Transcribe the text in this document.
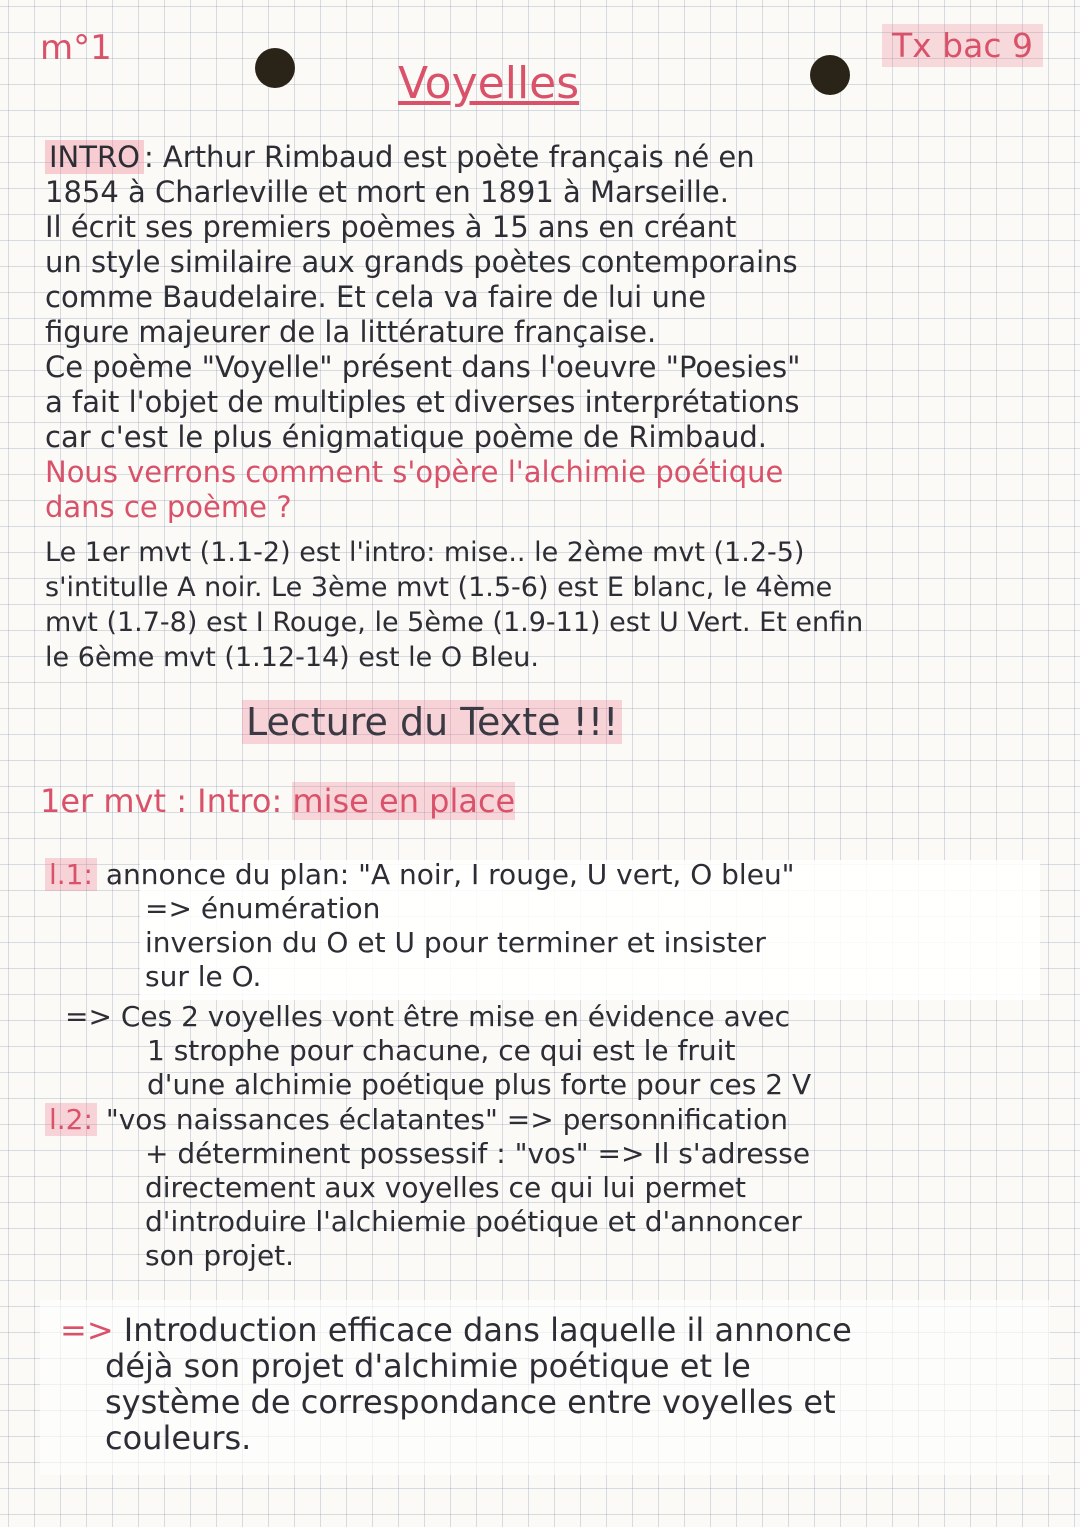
m°1	Tx bac 9
Voyelles
INTRO : Arthur Rimbaud est poète français né en
1854 à Charleville et mort en 1891 à Marseille.
Il écrit ses premiers poèmes à 15 ans en créant
un style similaire aux grands poètes contemporains
comme Baudelaire. Et cela va faire de lui une
figure majeurer de la littérature française.
Ce poème "Voyelle" présent dans l'oeuvre "Poesies"
a fait l'objet de multiples et diverses interprétations
car c'est le plus énigmatique poème de Rimbaud.
Nous verrons comment s'opère l'alchimie poétique
dans ce poème ?
Le 1er mvt (1.1-2) est l'intro: mise.. le 2ème mvt (1.2-5)
s'intitulle A noir. Le 3ème mvt (1.5-6) est E blanc, le 4ème
mvt (1.7-8) est I Rouge, le 5ème (1.9-11) est U Vert. Et enfin
le 6ème mvt (1.12-14) est le O Bleu.
Lecture du Texte !!!
1er mvt : Intro: mise en place
l.1: annonce du plan: "A noir, I rouge, U vert, O bleu"
=> énumération
inversion du O et U pour terminer et insister
sur le O.
=> Ces 2 voyelles vont être mise en évidence avec
1 strophe pour chacune, ce qui est le fruit
d'une alchimie poétique plus forte pour ces 2 V
l.2: "vos naissances éclatantes" => personnification
+ déterminent possessif : "vos" => Il s'adresse
directement aux voyelles ce qui lui permet
d'introduire l'alchiemie poétique et d'annoncer
son projet.
=> Introduction efficace dans laquelle il annonce
déjà son projet d'alchimie poétique et le
système de correspondance entre voyelles et
couleurs.
